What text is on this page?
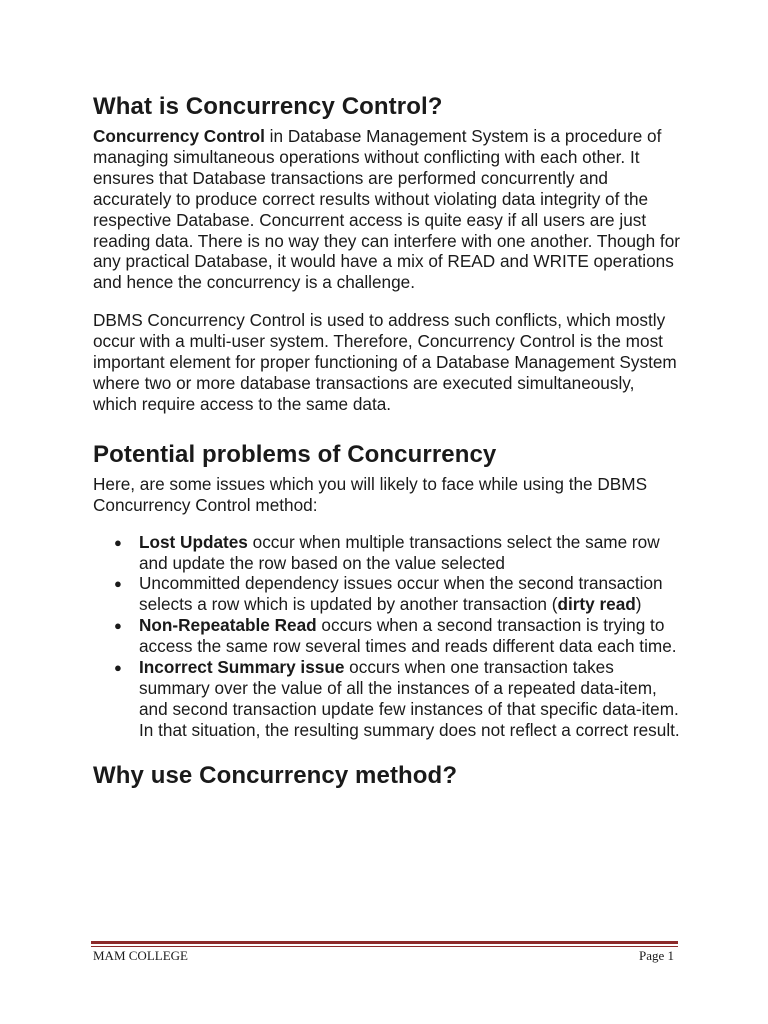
What is Concurrency Control?

Concurrency Control in Database Management System is a procedure of managing simultaneous operations without conflicting with each other. It ensures that Database transactions are performed concurrently and accurately to produce correct results without violating data integrity of the respective Database. Concurrent access is quite easy if all users are just reading data. There is no way they can interfere with one another. Though for any practical Database, it would have a mix of READ and WRITE operations and hence the concurrency is a challenge.

DBMS Concurrency Control is used to address such conflicts, which mostly occur with a multi-user system. Therefore, Concurrency Control is the most important element for proper functioning of a Database Management System where two or more database transactions are executed simultaneously, which require access to the same data.

Potential problems of Concurrency

Here, are some issues which you will likely to face while using the DBMS Concurrency Control method:

● Lost Updates occur when multiple transactions select the same row and update the row based on the value selected
● Uncommitted dependency issues occur when the second transaction selects a row which is updated by another transaction (dirty read)
● Non-Repeatable Read occurs when a second transaction is trying to access the same row several times and reads different data each time.
● Incorrect Summary issue occurs when one transaction takes summary over the value of all the instances of a repeated data-item, and second transaction update few instances of that specific data-item. In that situation, the resulting summary does not reflect a correct result.
Why use Concurrency method?
MAM COLLEGE	Page 1
